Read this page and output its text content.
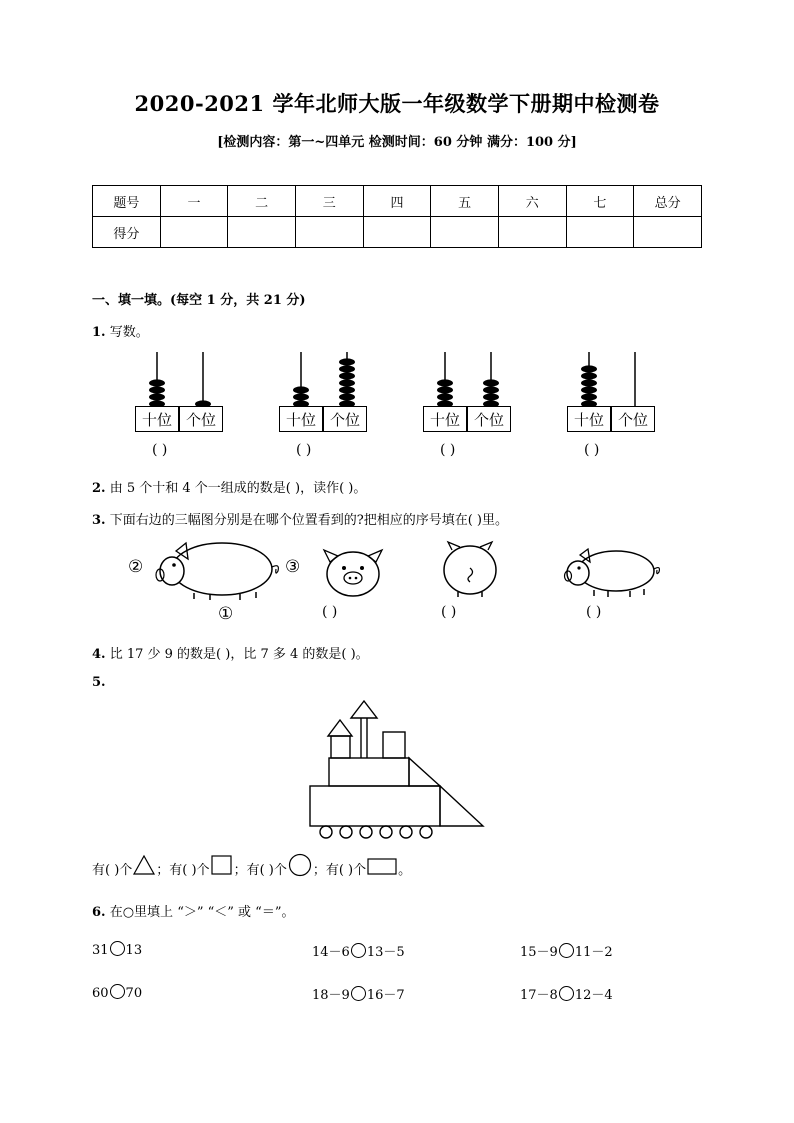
2020-2021 学年北师大版一年级数学下册期中检测卷
[检测内容：第一~四单元 检测时间：60 分钟 满分：100 分]
题号	一	二	三	四	五	六	七	总分
得分								
一、填一填。(每空 1 分，共 21 分)
1. 写数。
十位 个位
( )
十位 个位
( )
十位 个位
( )
十位 个位
( )
2. 由 5 个十和 4 个一组成的数是( )，读作( )。
3. 下面右边的三幅图分别是在哪个位置看到的?把相应的序号填在( )里。
②
①
③
( )	( )	( )
4. 比 17 少 9 的数是( )，比 7 多 4 的数是( )。
5.
有( )个 ；有( )个 ；有( )个 ；有( )个 。
6. 在○里填上 “＞” “＜” 或 “＝”。
31 13	14－6 13－5	15－9 11－2
60 70	18－9 16－7	17－8 12－4
